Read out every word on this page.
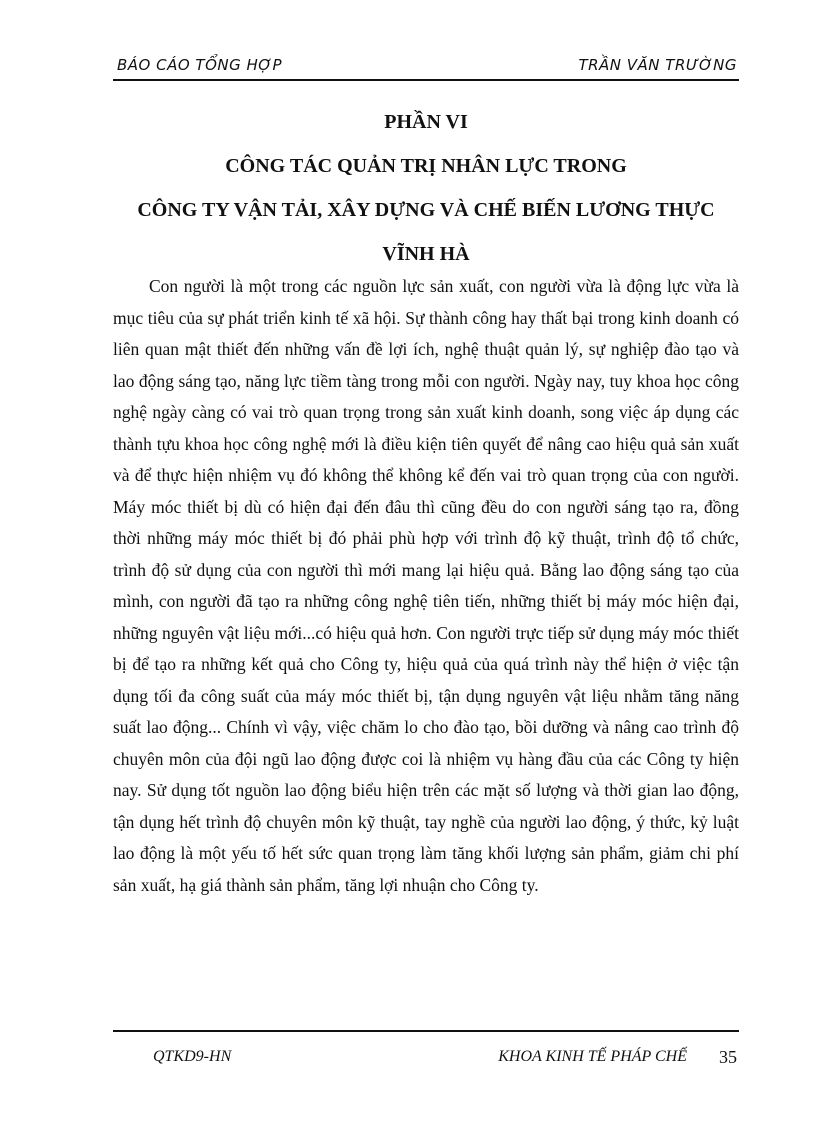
BÁO CÁO TỔNG HỢP	TRẦN VĂN TRƯỜNG
PHẦN VI
CÔNG TÁC QUẢN TRỊ NHÂN LỰC TRONG
CÔNG TY VẬN TẢI, XÂY DỰNG VÀ CHẾ BIẾN LƯƠNG THỰC
VĨNH HÀ

Con người là một trong các nguồn lực sản xuất, con người vừa là động lực vừa là mục tiêu của sự phát triển kinh tế xã hội. Sự thành công hay thất bại trong kinh doanh có liên quan mật thiết đến những vấn đề lợi ích, nghệ thuật quản lý, sự nghiệp đào tạo và lao động sáng tạo, năng lực tiềm tàng trong mỗi con người. Ngày nay, tuy khoa học công nghệ ngày càng có vai trò quan trọng trong sản xuất kinh doanh, song việc áp dụng các thành tựu khoa học công nghệ mới là điều kiện tiên quyết để nâng cao hiệu quả sản xuất và để thực hiện nhiệm vụ đó không thể không kể đến vai trò quan trọng của con người. Máy móc thiết bị dù có hiện đại đến đâu thì cũng đều do con người sáng tạo ra, đồng thời những máy móc thiết bị đó phải phù hợp với trình độ kỹ thuật, trình độ tổ chức, trình độ sử dụng của con người thì mới mang lại hiệu quả. Bằng lao động sáng tạo của mình, con người đã tạo ra những công nghệ tiên tiến, những thiết bị máy móc hiện đại, những nguyên vật liệu mới...có hiệu quả hơn. Con người trực tiếp sử dụng máy móc thiết bị để tạo ra những kết quả cho Công ty, hiệu quả của quá trình này thể hiện ở việc tận dụng tối đa công suất của máy móc thiết bị, tận dụng nguyên vật liệu nhằm tăng năng suất lao động... Chính vì vậy, việc chăm lo cho đào tạo, bồi dưỡng và nâng cao trình độ chuyên môn của đội ngũ lao động được coi là nhiệm vụ hàng đầu của các Công ty hiện nay. Sử dụng tốt nguồn lao động biểu hiện trên các mặt số lượng và thời gian lao động, tận dụng hết trình độ chuyên môn kỹ thuật, tay nghề của người lao động, ý thức, kỷ luật lao động là một yếu tố hết sức quan trọng làm tăng khối lượng sản phẩm, giảm chi phí sản xuất, hạ giá thành sản phẩm, tăng lợi nhuận cho Công ty.

QTKD9-HN	KHOA KINH TẾ PHÁP CHẾ 35
